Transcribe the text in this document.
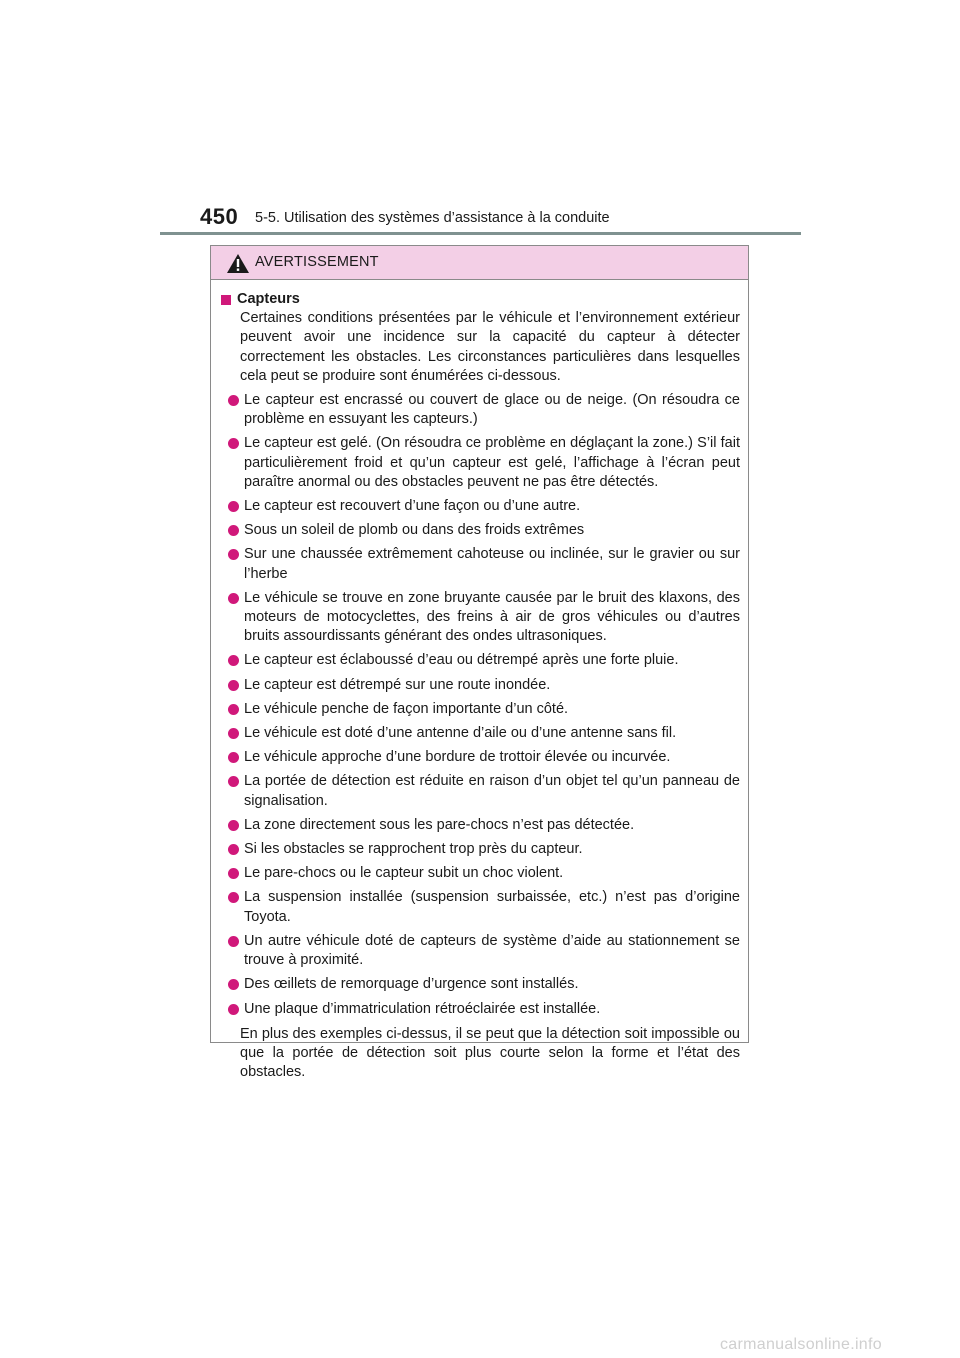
450 5-5. Utilisation des systèmes d’assistance à la conduite
AVERTISSEMENT
Capteurs

Certaines conditions présentées par le véhicule et l’environnement extérieur peuvent avoir une incidence sur la capacité du capteur à détecter correctement les obstacles. Les circonstances particulières dans lesquelles cela peut se produire sont énumérées ci-dessous.

Le capteur est encrassé ou couvert de glace ou de neige. (On résoudra ce problème en essuyant les capteurs.)
Le capteur est gelé. (On résoudra ce problème en déglaçant la zone.) S’il fait particulièrement froid et qu’un capteur est gelé, l’affichage à l’écran peut paraître anormal ou des obstacles peuvent ne pas être détectés.
Le capteur est recouvert d’une façon ou d’une autre.
Sous un soleil de plomb ou dans des froids extrêmes
Sur une chaussée extrêmement cahoteuse ou inclinée, sur le gravier ou sur l’herbe
Le véhicule se trouve en zone bruyante causée par le bruit des klaxons, des moteurs de motocyclettes, des freins à air de gros véhicules ou d’autres bruits assourdissants générant des ondes ultrasoniques.
Le capteur est éclaboussé d’eau ou détrempé après une forte pluie.
Le capteur est détrempé sur une route inondée.
Le véhicule penche de façon importante d’un côté.
Le véhicule est doté d’une antenne d’aile ou d’une antenne sans fil.
Le véhicule approche d’une bordure de trottoir élevée ou incurvée.
La portée de détection est réduite en raison d’un objet tel qu’un panneau de signalisation.
La zone directement sous les pare-chocs n’est pas détectée.
Si les obstacles se rapprochent trop près du capteur.
Le pare-chocs ou le capteur subit un choc violent.
La suspension installée (suspension surbaissée, etc.) n’est pas d’origine Toyota.
Un autre véhicule doté de capteurs de système d’aide au stationnement se trouve à proximité.
Des œillets de remorquage d’urgence sont installés.
Une plaque d’immatriculation rétroéclairée est installée.

En plus des exemples ci-dessus, il se peut que la détection soit impossible ou que la portée de détection soit plus courte selon la forme et l’état des obstacles.

carmanualsonline.info
